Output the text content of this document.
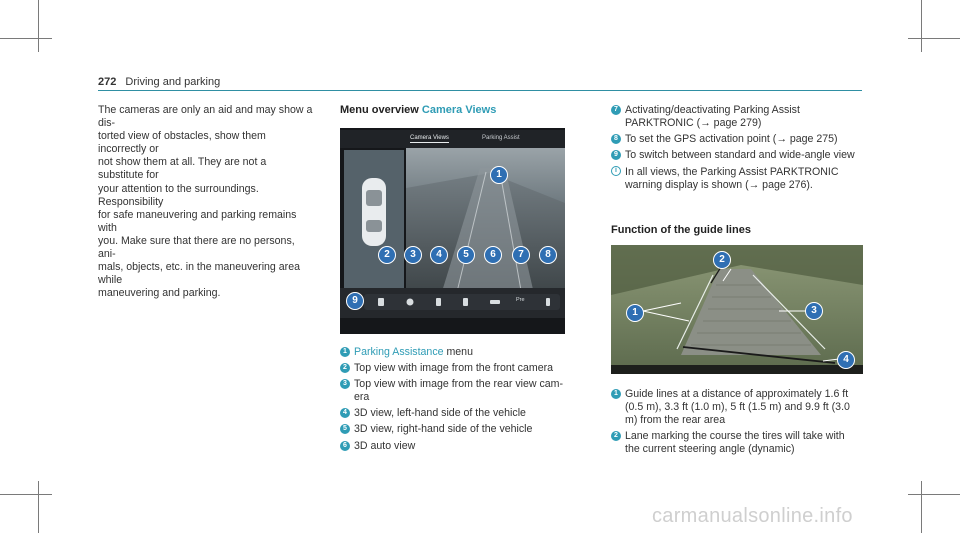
272 Driving and parking

The cameras are only an aid and may show a dis-

torted view of obstacles, show them incorrectly or

not show them at all. They are not a substitute for

your attention to the surroundings. Responsibility

for safe maneuvering and parking remains with

you. Make sure that there are no persons, ani-

mals, objects, etc. in the maneuvering area while

maneuvering and parking.

Menu overview Camera Views
Camera Views	Parking Assist
Pre
1
2	3	4	5	6	7	8
9
1 Parking Assistance menu
2 Top view with image from the front camera
3 Top view with image from the rear view cam- era
4 3D view, left-hand side of the vehicle
5 3D view, right-hand side of the vehicle
6 3D auto view
7 Activating/deactivating Parking Assist PARKTRONIC (→ page 279)
8 To set the GPS activation point (→ page 275)
9 To switch between standard and wide-angle view
i In all views, the Parking Assist PARKTRONIC warning display is shown (→ page 276).
Function of the guide lines
1
2
3
4
1 Guide lines at a distance of approximately 1.6 ft (0.5 m), 3.3 ft (1.0 m), 5 ft (1.5 m) and 9.9 ft (3.0 m) from the rear area
2 Lane marking the course the tires will take with the current steering angle (dynamic)
carmanualsonline.info
